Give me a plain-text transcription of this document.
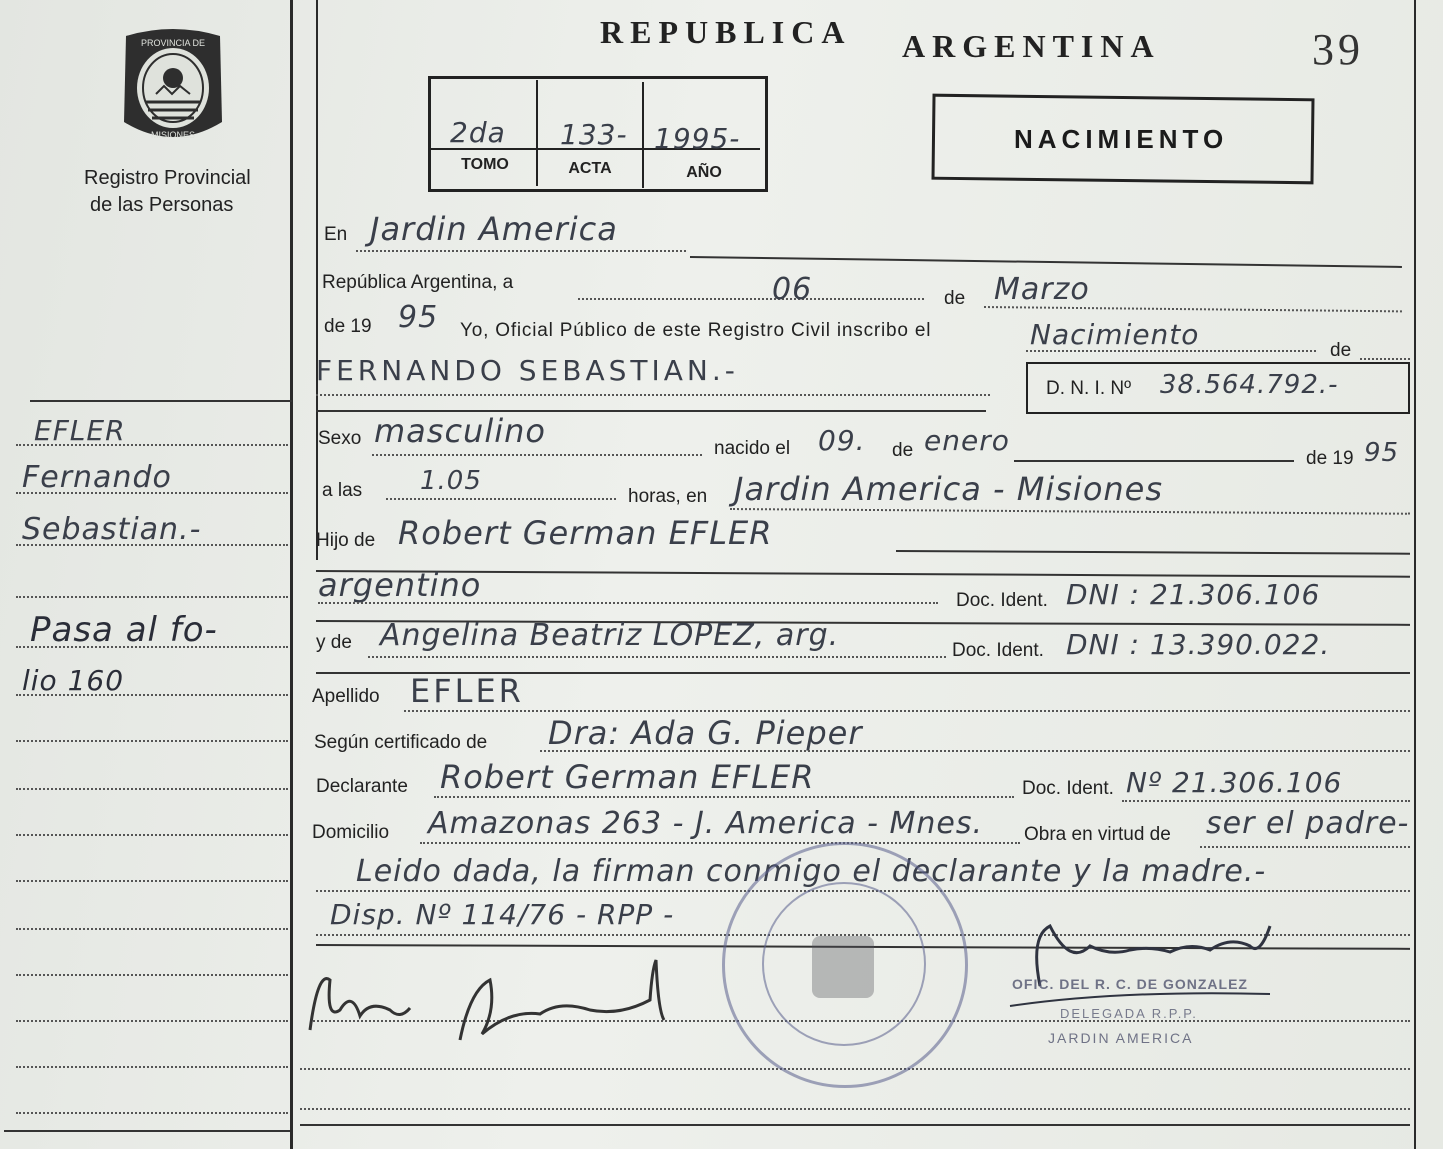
PROVINCIA DE
MISIONES
Registro Provincial
de las Personas
EFLER
Fernando
Sebastian.-
Pasa al fo-
lio 160
REPUBLICA ARGENTINA	39
2da 133- 1995-
TOMO	ACTA	AÑO
NACIMIENTO
En Jardin America
República Argentina, a	06	de Marzo
de 19 95 Yo, Oficial Público de este Registro Civil inscribo el	Nacimiento	de
FERNANDO SEBASTIAN.-
D. N. I. Nº 38.564.792.-
Sexo masculino	nacido el 09. de enero
de 19 95
a las 1.05
horas, en Jardin America - Misiones
Hijo de Robert German EFLER
argentino	Doc. Ident. DNI : 21.306.106
y de Angelina Beatriz LOPEZ, arg.	Doc. Ident. DNI : 13.390.022.
Apellido EFLER
Según certificado de Dra: Ada G. Pieper
Declarante Robert German EFLER	Doc. Ident. Nº 21.306.106
Domicilio Amazonas 263 - J. America - Mnes. Obra en virtud de ser el padre-
Leido dada, la firman conmigo el declarante y la madre.-
Disp. Nº 114/76 - RPP -
OFIC. DEL R. C. DE GONZALEZ
DELEGADA R.P.P.
JARDIN AMERICA
